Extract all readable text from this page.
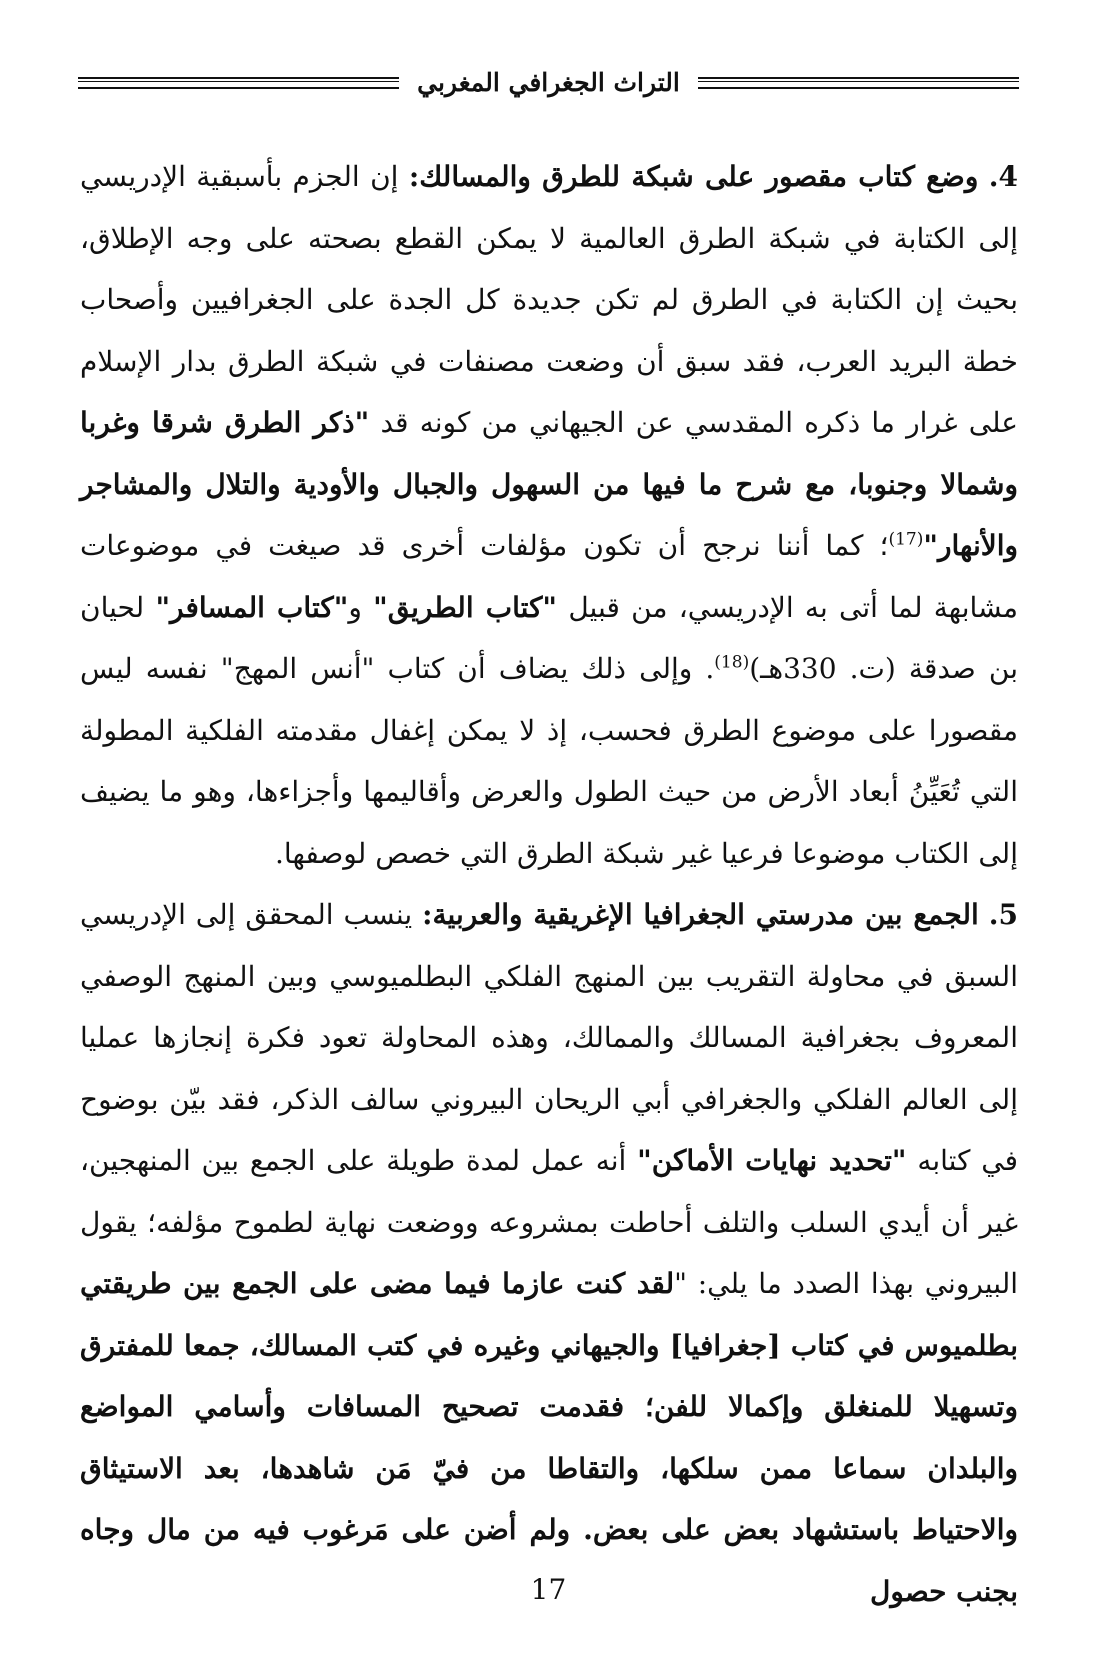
التراث الجغرافي المغربي

4. وضع كتاب مقصور على شبكة للطرق والمسالك: إن الجزم بأسبقية الإدريسي إلى الكتابة في شبكة الطرق العالمية لا يمكن القطع بصحته على وجه الإطلاق، بحيث إن الكتابة في الطرق لم تكن جديدة كل الجدة على الجغرافيين وأصحاب خطة البريد العرب، فقد سبق أن وضعت مصنفات في شبكة الطرق بدار الإسلام على غرار ما ذكره المقدسي عن الجيهاني من كونه قد "ذكر الطرق شرقا وغربا وشمالا وجنوبا، مع شرح ما فيها من السهول والجبال والأودية والتلال والمشاجر والأنهار"$^{(17)}$؛ كما أننا نرجح أن تكون مؤلفات أخرى قد صيغت في موضوعات مشابهة لما أتى به الإدريسي، من قبيل "كتاب الطريق" و"كتاب المسافر" لحيان بن صدقة (ت. 330هـ)$^{(18)}$. وإلى ذلك يضاف أن كتاب "أنس المهج" نفسه ليس مقصورا على موضوع الطرق فحسب، إذ لا يمكن إغفال مقدمته الفلكية المطولة التي تُعَيِّنُ أبعاد الأرض من حيث الطول والعرض وأقاليمها وأجزاءها، وهو ما يضيف إلى الكتاب موضوعا فرعيا غير شبكة الطرق التي خصص لوصفها.

5. الجمع بين مدرستي الجغرافيا الإغريقية والعربية: ينسب المحقق إلى الإدريسي السبق في محاولة التقريب بين المنهج الفلكي البطلميوسي وبين المنهج الوصفي المعروف بجغرافية المسالك والممالك، وهذه المحاولة تعود فكرة إنجازها عمليا إلى العالم الفلكي والجغرافي أبي الريحان البيروني سالف الذكر، فقد بيّن بوضوح في كتابه "تحديد نهايات الأماكن" أنه عمل لمدة طويلة على الجمع بين المنهجين، غير أن أيدي السلب والتلف أحاطت بمشروعه ووضعت نهاية لطموح مؤلفه؛ يقول البيروني بهذا الصدد ما يلي: "لقد كنت عازما فيما مضى على الجمع بين طريقتي بطلميوس في كتاب [جغرافيا] والجيهاني وغيره في كتب المسالك، جمعا للمفترق وتسهيلا للمنغلق وإكمالا للفن؛ فقدمت تصحيح المسافات وأسامي المواضع والبلدان سماعا ممن سلكها، والتقاطا من فيّ مَن شاهدها، بعد الاستيثاق والاحتياط باستشهاد بعض على بعض. ولم أضن على مَرغوب فيه من مال وجاه بجنب حصول

17
